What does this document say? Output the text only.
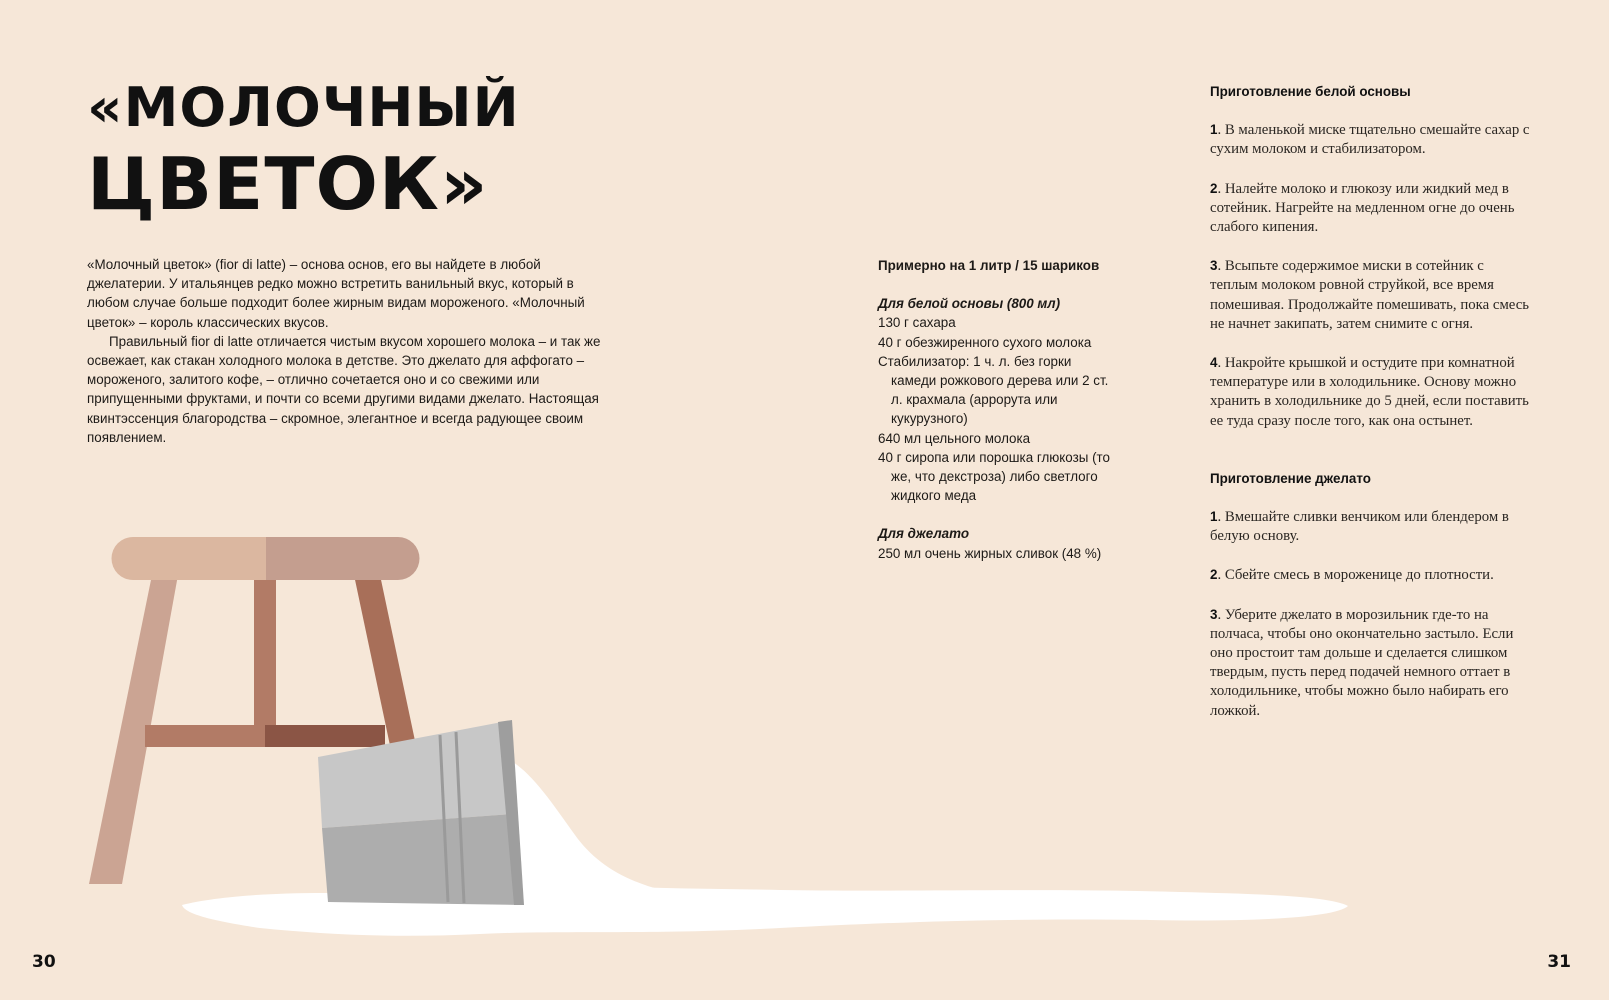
«МОЛОЧНЫЙ
ЦВЕТОК»

«Молочный цветок» (fior di latte) – основа основ, его вы найдете в любой джелатерии. У итальянцев редко можно встретить ванильный вкус, который в любом случае больше подходит более жирным видам мороженого. «Молочный цветок» – король классических вкусов.

Правильный fior di latte отличается чистым вкусом хорошего молока – и так же освежает, как стакан холодного молока в детстве. Это джелато для аффогато – мороженого, залитого кофе, – отлично сочетается оно и со свежими или припущенными фруктами, и почти со всеми другими видами джелато. Настоящая квинтэссенция благородства – скромное, элегантное и всегда радующее своим появлением.

Примерно на 1 литр / 15 шариков
Для белой основы (800 мл)
130 г сахара
40 г обезжиренного сухого молока
Стабилизатор: 1 ч. л. без горки камеди рожкового дерева или 2 ст. л. крахмала (аррорута или кукурузного)
640 мл цельного молока
40 г сиропа или порошка глюкозы (то же, что декстроза) либо светлого жидкого меда
Для джелато
250 мл очень жирных сливок (48 %)
Приготовление белой основы
1. В маленькой миске тщательно смешайте сахар с сухим молоком и стабилизатором.
2. Налейте молоко и глюкозу или жидкий мед в сотейник. Нагрейте на медленном огне до очень слабого кипения.
3. Всыпьте содержимое миски в сотейник с теплым молоком ровной струйкой, все время помешивая. Продолжайте помешивать, пока смесь не начнет закипать, затем снимите с огня.
4. Накройте крышкой и остудите при комнатной температуре или в холодильнике. Основу можно хранить в холодильнике до 5 дней, если поставить ее туда сразу после того, как она остынет.
Приготовление джелато
1. Вмешайте сливки венчиком или блендером в белую основу.
2. Сбейте смесь в мороженице до плотности.
3. Уберите джелато в морозильник где-то на полчаса, чтобы оно окончательно застыло. Если оно простоит там дольше и сделается слишком твердым, пусть перед подачей немного оттает в холодильнике, чтобы можно было набирать его ложкой.
30	31
